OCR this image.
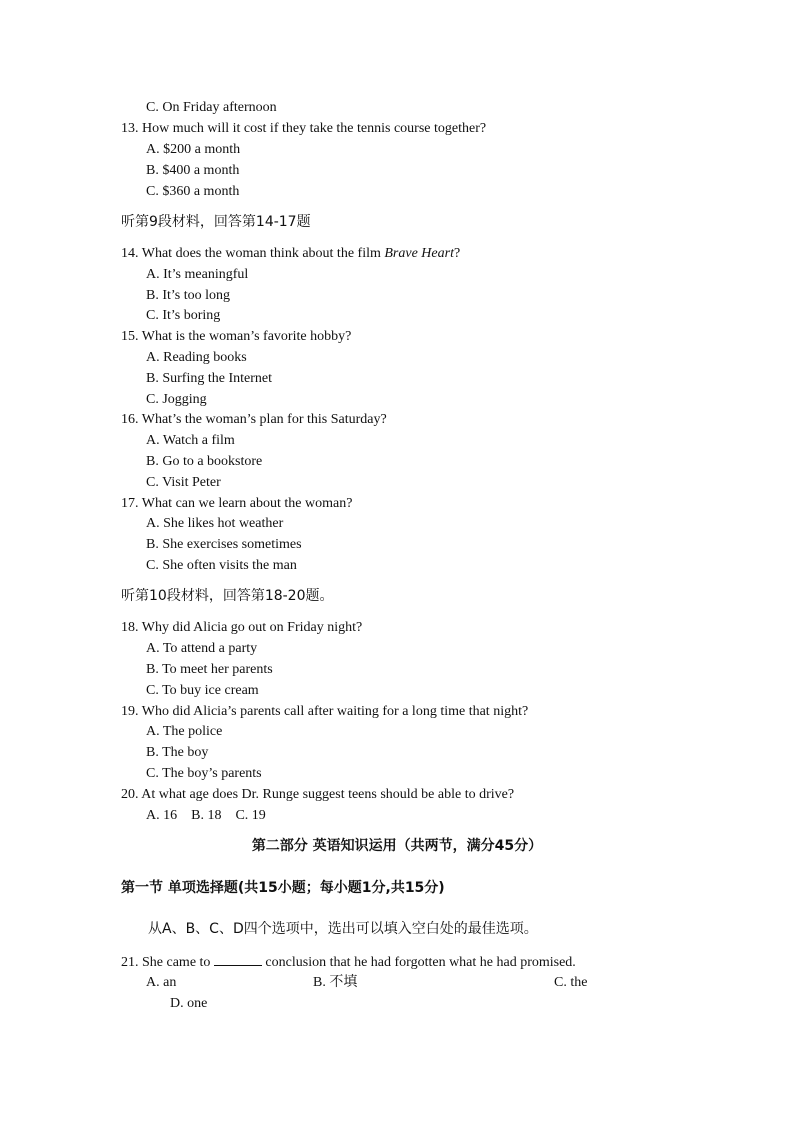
C. On Friday afternoon
13. How much will it cost if they take the tennis course together?
A. $200 a month
B. $400 a month
C. $360 a month
听第9段材料，回答第14-17题
14. What does the woman think about the film Brave Heart?
A. It’s meaningful
B. It’s too long
C. It’s boring
15. What is the woman’s favorite hobby?
A. Reading books
B. Surfing the Internet
C. Jogging
16. What’s the woman’s plan for this Saturday?
A. Watch a film
B. Go to a bookstore
C. Visit Peter
17. What can we learn about the woman?
A. She likes hot weather
B. She exercises sometimes
C. She often visits the man
听第10段材料，回答第18-20题。
18. Why did Alicia go out on Friday night?
A. To attend a party
B. To meet her parents
C. To buy ice cream
19. Who did Alicia’s parents call after waiting for a long time that night?
A. The police
B. The boy
C. The boy’s parents
20. At what age does Dr. Runge suggest teens should be able to drive?
A. 16    B. 18    C. 19
第二部分 英语知识运用（共两节，满分45分）
第一节 单项选择题(共15小题；每小题1分,共15分)
从A、B、C、D四个选项中，选出可以填入空白处的最佳选项。
21. She came to	conclusion that he had forgotten what he had promised.
A. an	B. 不填	C. the
D. one
